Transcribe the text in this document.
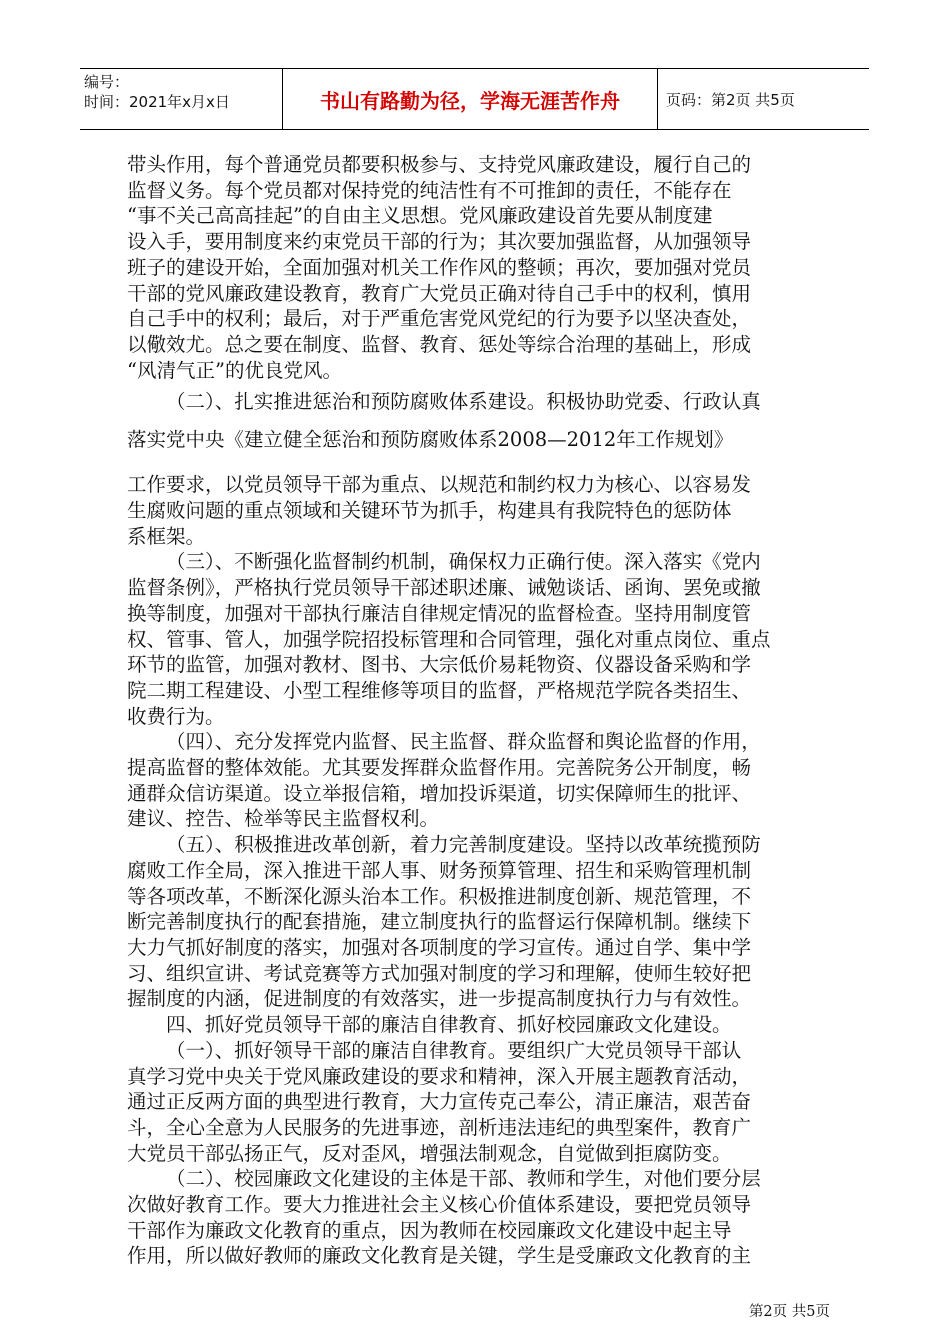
编号：
时间：2021年x月x日	书山有路勤为径，学海无涯苦作舟	页码：第2页 共5页

带头作用，每个普通党员都要积极参与、支持党风廉政建设，履行自己的

监督义务。每个党员都对保持党的纯洁性有不可推卸的责任，不能存在

“事不关己高高挂起”的自由主义思想。党风廉政建设首先要从制度建

设入手，要用制度来约束党员干部的行为；其次要加强监督，从加强领导

班子的建设开始，全面加强对机关工作作风的整顿；再次，要加强对党员

干部的党风廉政建设教育，教育广大党员正确对待自己手中的权利，慎用

自己手中的权利；最后，对于严重危害党风党纪的行为要予以坚决查处，

以儆效尤。总之要在制度、监督、教育、惩处等综合治理的基础上，形成

“风清气正”的优良党风。

（二）、扎实推进惩治和预防腐败体系建设。积极协助党委、行政认真

落实党中央《建立健全惩治和预防腐败体系2008—2012年工作规划》

工作要求，以党员领导干部为重点、以规范和制约权力为核心、以容易发

生腐败问题的重点领域和关键环节为抓手，构建具有我院特色的惩防体

系框架。

（三）、不断强化监督制约机制，确保权力正确行使。深入落实《党内

监督条例》，严格执行党员领导干部述职述廉、诫勉谈话、函询、罢免或撤

换等制度，加强对干部执行廉洁自律规定情况的监督检查。坚持用制度管

权、管事、管人，加强学院招投标管理和合同管理，强化对重点岗位、重点

环节的监管，加强对教材、图书、大宗低价易耗物资、仪器设备采购和学

院二期工程建设、小型工程维修等项目的监督，严格规范学院各类招生、

收费行为。

（四）、充分发挥党内监督、民主监督、群众监督和舆论监督的作用，

提高监督的整体效能。尤其要发挥群众监督作用。完善院务公开制度，畅

通群众信访渠道。设立举报信箱，增加投诉渠道，切实保障师生的批评、

建议、控告、检举等民主监督权利。

（五）、积极推进改革创新，着力完善制度建设。坚持以改革统揽预防

腐败工作全局，深入推进干部人事、财务预算管理、招生和采购管理机制

等各项改革，不断深化源头治本工作。积极推进制度创新、规范管理，不

断完善制度执行的配套措施，建立制度执行的监督运行保障机制。继续下

大力气抓好制度的落实，加强对各项制度的学习宣传。通过自学、集中学

习、组织宣讲、考试竞赛等方式加强对制度的学习和理解，使师生较好把

握制度的内涵，促进制度的有效落实，进一步提高制度执行力与有效性。

四、抓好党员领导干部的廉洁自律教育、抓好校园廉政文化建设。

（一）、抓好领导干部的廉洁自律教育。要组织广大党员领导干部认

真学习党中央关于党风廉政建设的要求和精神，深入开展主题教育活动，

通过正反两方面的典型进行教育，大力宣传克己奉公，清正廉洁，艰苦奋

斗，全心全意为人民服务的先进事迹，剖析违法违纪的典型案件，教育广

大党员干部弘扬正气，反对歪风，增强法制观念，自觉做到拒腐防变。

（二）、校园廉政文化建设的主体是干部、教师和学生，对他们要分层

次做好教育工作。要大力推进社会主义核心价值体系建设，要把党员领导

干部作为廉政文化教育的重点，因为教师在校园廉政文化建设中起主导

作用，所以做好教师的廉政文化教育是关键，学生是受廉政文化教育的主

第2页 共5页
